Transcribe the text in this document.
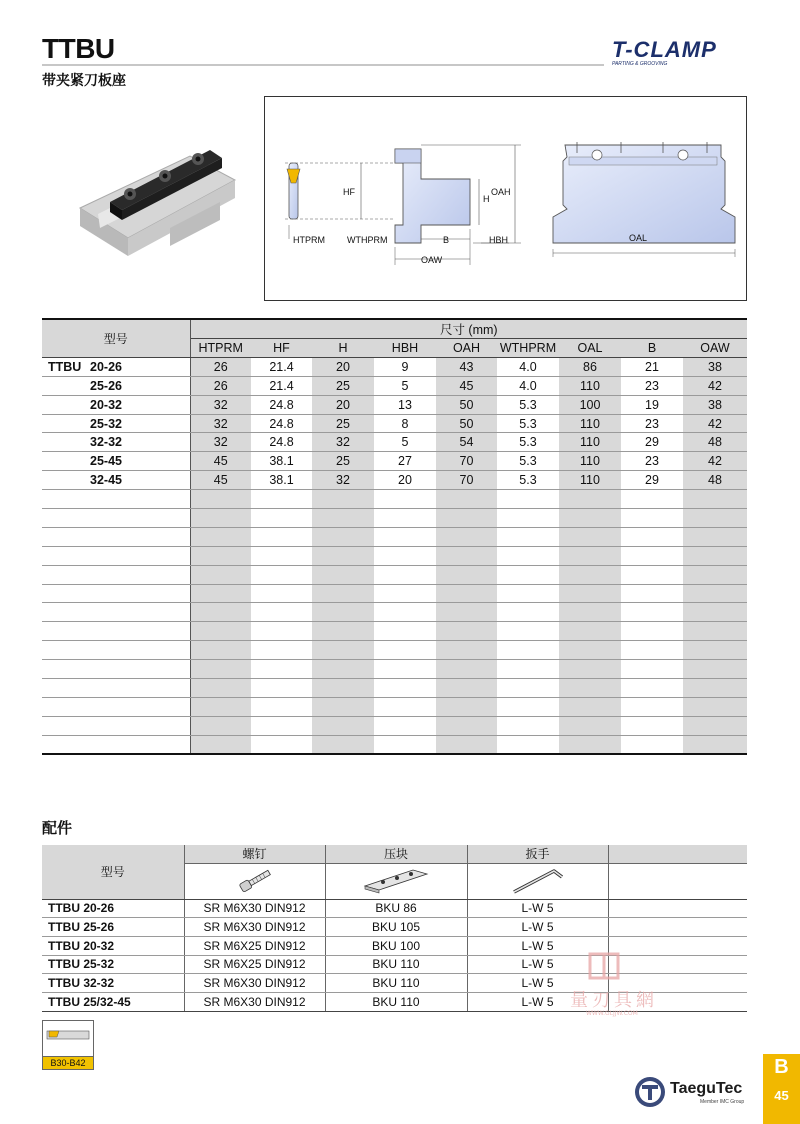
TTBU
带夹紧刀板座
T-CLAMP
PARTING & GROOVING
HF
HTPRM WTHPRM
H
OAH
B	HBH
OAW
OAL
型号	尺寸 (mm)								
	HTPRM	HF	H	HBH	OAH	WTHPRM	OAL	B	OAW
TTBU 20-26	26	21.4	20	9	43	4.0	86	21	38
25-26	26	21.4	25	5	45	4.0	110	23	42
20-32	32	24.8	20	13	50	5.3	100	19	38
25-32	32	24.8	25	8	50	5.3	110	23	42
32-32	32	24.8	32	5	54	5.3	110	29	48
25-45	45	38.1	25	27	70	5.3	110	23	42
32-45	45	38.1	32	20	70	5.3	110	29	48

配件
型号	螺钉	压块	扳手	

TTBU 20-26	SR M6X30 DIN912	BKU 86	L-W 5	
TTBU 25-26	SR M6X30 DIN912	BKU 105	L-W 5	
TTBU 20-32	SR M6X25 DIN912	BKU 100	L-W 5	
TTBU 25-32	SR M6X25 DIN912	BKU 110	L-W 5	
TTBU 32-32	SR M6X30 DIN912	BKU 110	L-W 5	
TTBU 25/32-45	SR M6X30 DIN912	BKU 110	L-W 5	量刃具網
WWW.GLJJW.COM
B30-B42
TaeguTec
Member IMC Group
B
45
